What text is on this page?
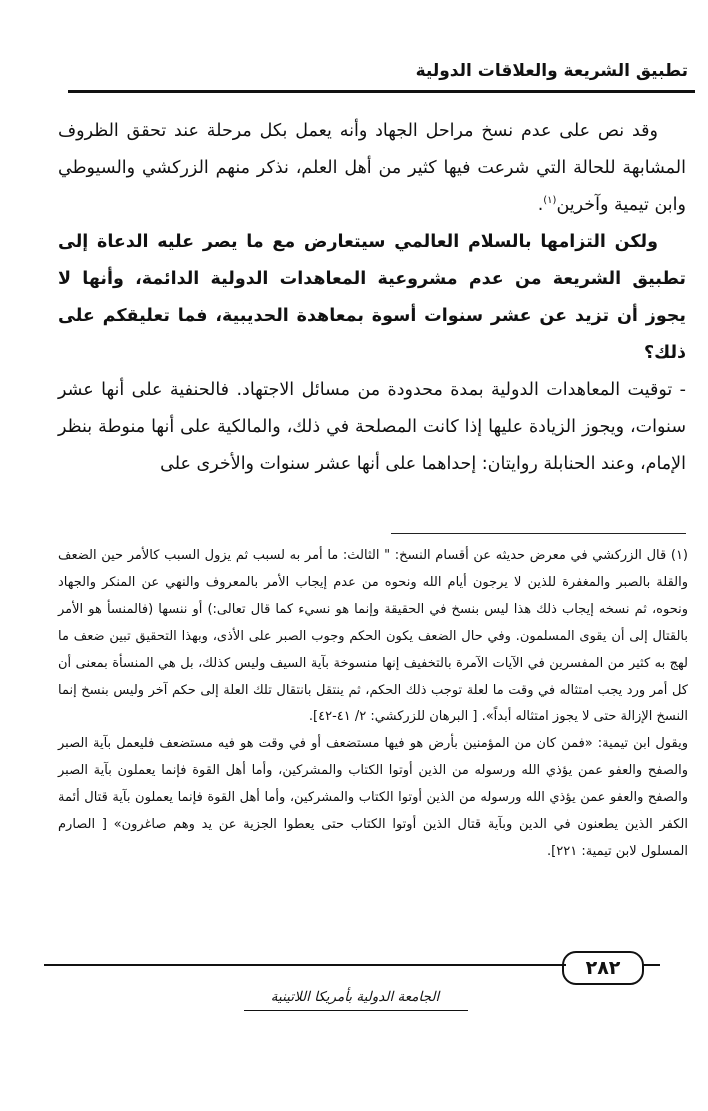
تطبيق الشريعة والعلاقات الدولية

وقد نص على عدم نسخ مراحل الجهاد وأنه يعمل بكل مرحلة عند تحقق الظروف المشابهة للحالة التي شرعت فيها كثير من أهل العلم، نذكر منهم الزركشي والسيوطي وابن تيمية وآخرين$^{(١)}$.

ولكن التزامها بالسلام العالمي سيتعارض مع ما يصر عليه الدعاة إلى تطبيق الشريعة من عدم مشروعية المعاهدات الدولية الدائمة، وأنها لا يجوز أن تزيد عن عشر سنوات أسوة بمعاهدة الحديبية، فما تعليقكم على ذلك؟

- توقيت المعاهدات الدولية بمدة محدودة من مسائل الاجتهاد. فالحنفية على أنها عشر سنوات، ويجوز الزيادة عليها إذا كانت المصلحة في ذلك، والمالكية على أنها منوطة بنظر الإمام، وعند الحنابلة روايتان: إحداهما على أنها عشر سنوات والأخرى على

(١) قال الزركشي في معرض حديثه عن أقسام النسخ: " الثالث: ما أمر به لسبب ثم يزول السبب كالأمر حين الضعف والقلة بالصبر والمغفرة للذين لا يرجون أيام الله ونحوه من عدم إيجاب الأمر بالمعروف والنهي عن المنكر والجهاد ونحوه، ثم نسخه إيجاب ذلك هذا ليس بنسخ في الحقيقة وإنما هو نسيء كما قال تعالى:) أو ننسها (فالمنسأ هو الأمر بالقتال إلى أن يقوى المسلمون. وفي حال الضعف يكون الحكم وجوب الصبر على الأذى، وبهذا التحقيق تبين ضعف ما لهج به كثير من المفسرين في الآيات الآمرة بالتخفيف إنها منسوخة بآية السيف وليس كذلك، بل هي المنسأة بمعنى أن كل أمر ورد يجب امتثاله في وقت ما لعلة توجب ذلك الحكم، ثم ينتقل بانتقال تلك العلة إلى حكم آخر وليس بنسخ إنما النسخ الإزالة حتى لا يجوز امتثاله أبداً». [ البرهان للزركشي: ٢/ ٤١-٤٢].

ويقول ابن تيمية: «فمن كان من المؤمنين بأرض هو فيها مستضعف أو في وقت هو فيه مستضعف فليعمل بآية الصبر والصفح والعفو عمن يؤذي الله ورسوله من الذين أوتوا الكتاب والمشركين، وأما أهل القوة فإنما يعملون بآية الصبر والصفح والعفو عمن يؤذي الله ورسوله من الذين أوتوا الكتاب والمشركين، وأما أهل القوة فإنما يعملون بآية قتال أئمة الكفر الذين يطعنون في الدين وبآية قتال الذين أوتوا الكتاب حتى يعطوا الجزية عن يد وهم صاغرون» [ الصارم المسلول لابن تيمية: ٢٢١].

٢٨٢
الجامعة الدولية بأمريكا اللاتينية
